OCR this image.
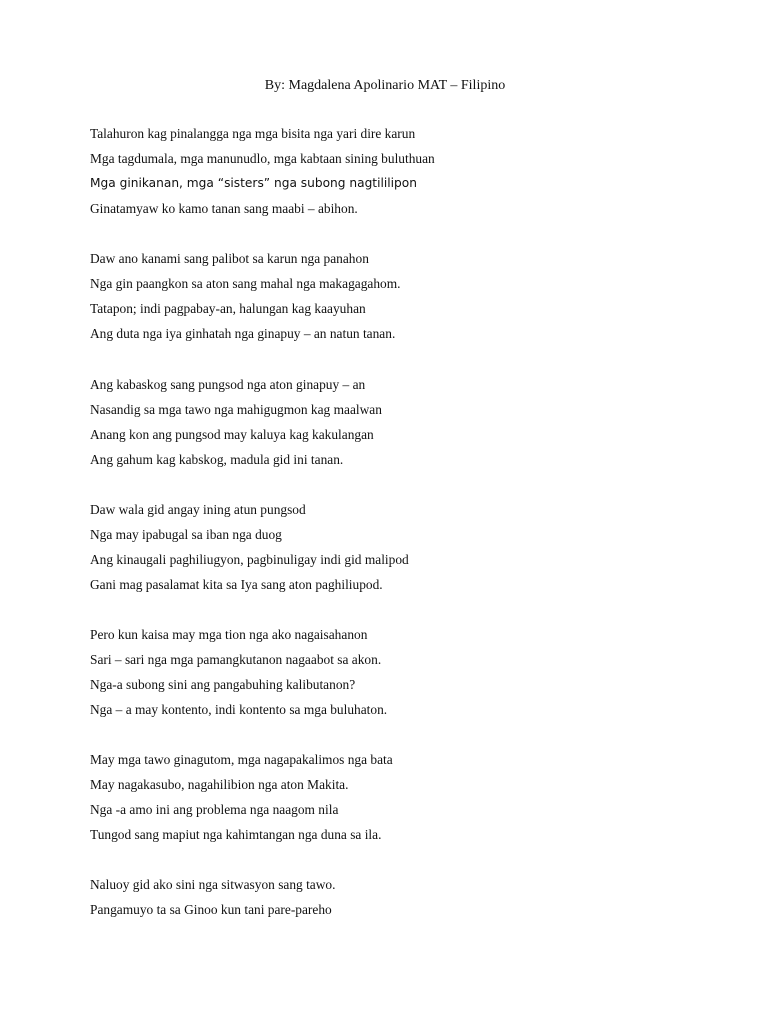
By: Magdalena Apolinario MAT – Filipino
Talahuron kag pinalangga nga mga bisita nga yari dire karun
Mga tagdumala, mga manunudlo, mga kabtaan sining buluthuan
Mga ginikanan, mga “sisters” nga subong nagtililipon
Ginatamyaw ko kamo tanan sang maabi – abihon.
Daw ano kanami sang palibot sa karun nga panahon
Nga gin paangkon sa aton sang mahal nga makagagahom.
Tatapon; indi pagpabay-an, halungan kag kaayuhan
Ang duta nga iya ginhatah nga ginapuy – an natun tanan.
Ang kabaskog sang pungsod nga aton ginapuy – an
Nasandig sa mga tawo nga mahigugmon kag maalwan
Anang kon ang pungsod may kaluya kag kakulangan
Ang gahum kag kabskog, madula gid ini tanan.
Daw wala gid angay ining atun pungsod
Nga may ipabugal sa iban nga duog
Ang kinaugali paghiliugyon, pagbinuligay indi gid malipod
Gani mag pasalamat kita sa Iya sang aton paghiliupod.
Pero kun kaisa may mga tion nga ako nagaisahanon
Sari – sari nga mga pamangkutanon nagaabot sa akon.
Nga-a subong sini ang pangabuhing kalibutanon?
Nga – a may kontento, indi kontento sa mga buluhaton.
May mga tawo ginagutom, mga nagapakalimos nga bata
May nagakasubo, nagahilibion nga aton Makita.
Nga -a amo ini ang problema nga naagom nila
Tungod sang mapiut nga kahimtangan nga duna sa ila.
Naluoy gid ako sini nga sitwasyon sang tawo.
Pangamuyo ta sa Ginoo kun tani pare-pareho
